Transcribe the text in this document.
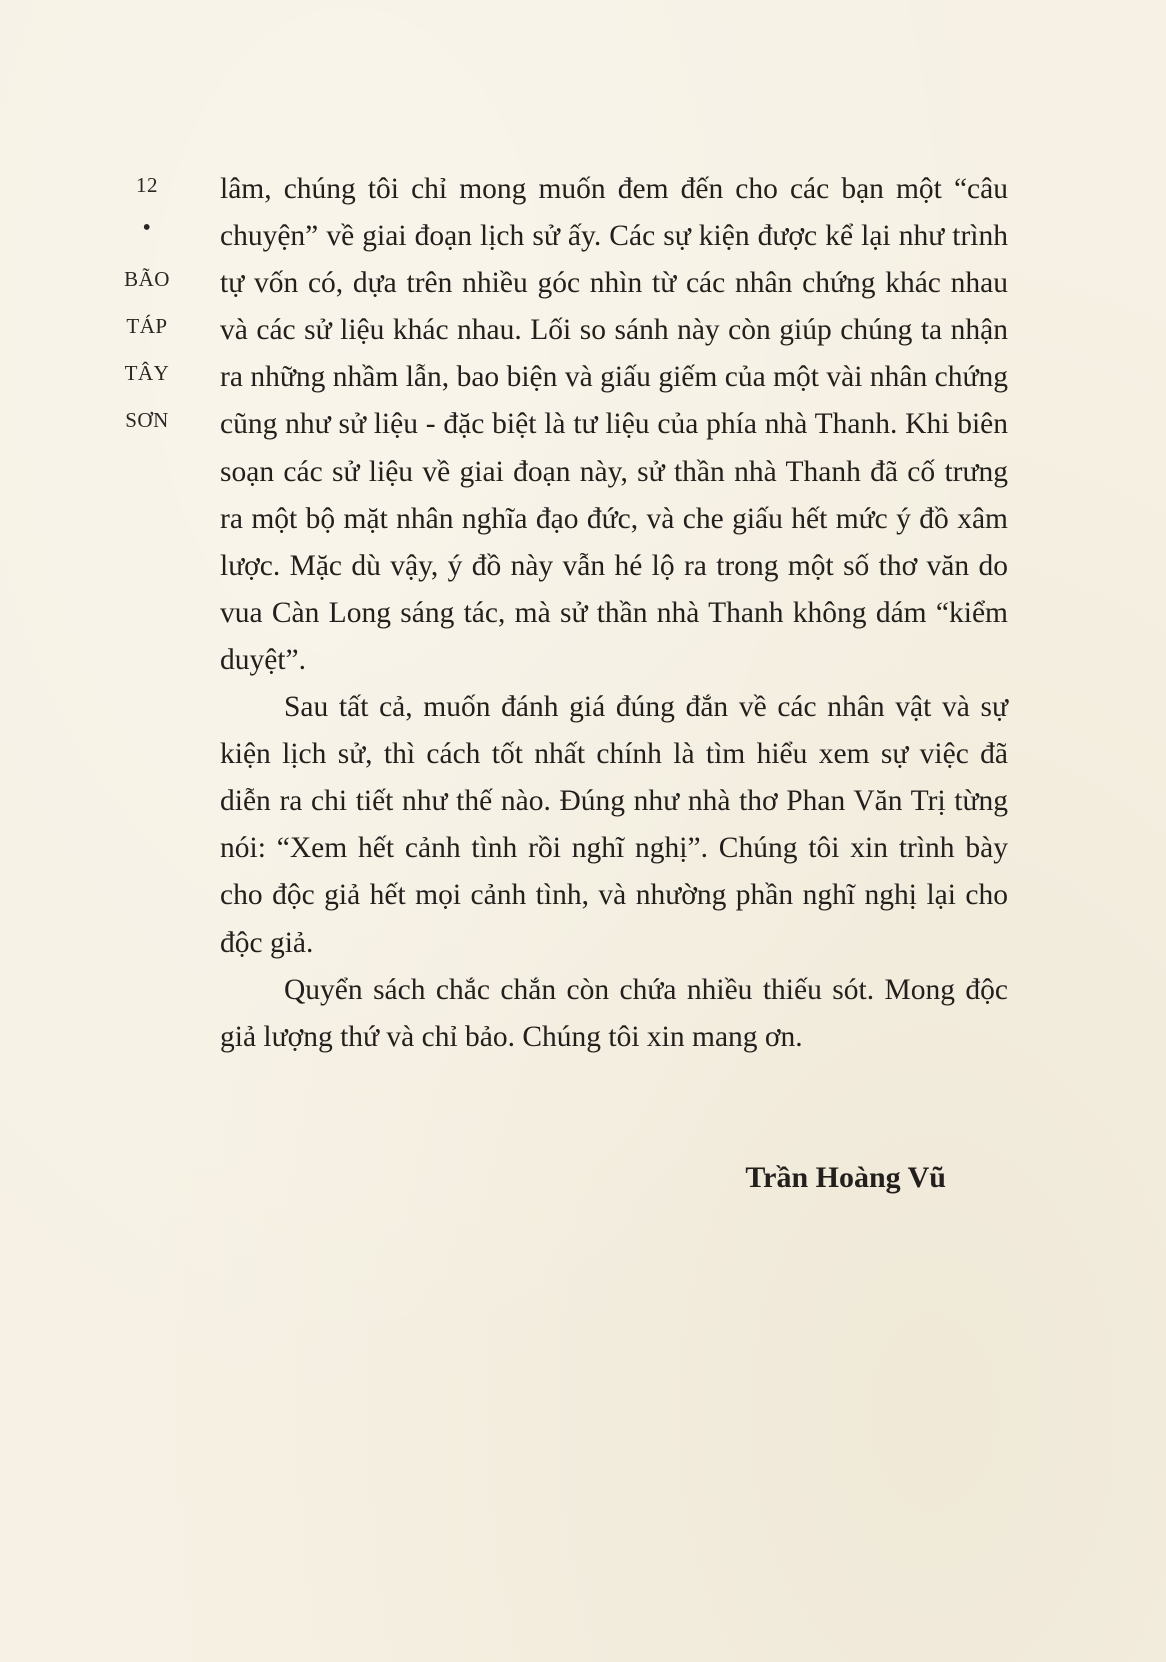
12
•
BÃO
TÁP
TÂY
SƠN

lâm, chúng tôi chỉ mong muốn đem đến cho các bạn một “câu chuyện” về giai đoạn lịch sử ấy. Các sự kiện được kể lại như trình tự vốn có, dựa trên nhiều góc nhìn từ các nhân chứng khác nhau và các sử liệu khác nhau. Lối so sánh này còn giúp chúng ta nhận ra những nhầm lẫn, bao biện và giấu giếm của một vài nhân chứng cũng như sử liệu - đặc biệt là tư liệu của phía nhà Thanh. Khi biên soạn các sử liệu về giai đoạn này, sử thần nhà Thanh đã cố trưng ra một bộ mặt nhân nghĩa đạo đức, và che giấu hết mức ý đồ xâm lược. Mặc dù vậy, ý đồ này vẫn hé lộ ra trong một số thơ văn do vua Càn Long sáng tác, mà sử thần nhà Thanh không dám “kiểm duyệt”.

Sau tất cả, muốn đánh giá đúng đắn về các nhân vật và sự kiện lịch sử, thì cách tốt nhất chính là tìm hiểu xem sự việc đã diễn ra chi tiết như thế nào. Đúng như nhà thơ Phan Văn Trị từng nói: “Xem hết cảnh tình rồi nghĩ nghị”. Chúng tôi xin trình bày cho độc giả hết mọi cảnh tình, và nhường phần nghĩ nghị lại cho độc giả.

Quyển sách chắc chắn còn chứa nhiều thiếu sót. Mong độc giả lượng thứ và chỉ bảo. Chúng tôi xin mang ơn.

Trần Hoàng Vũ
